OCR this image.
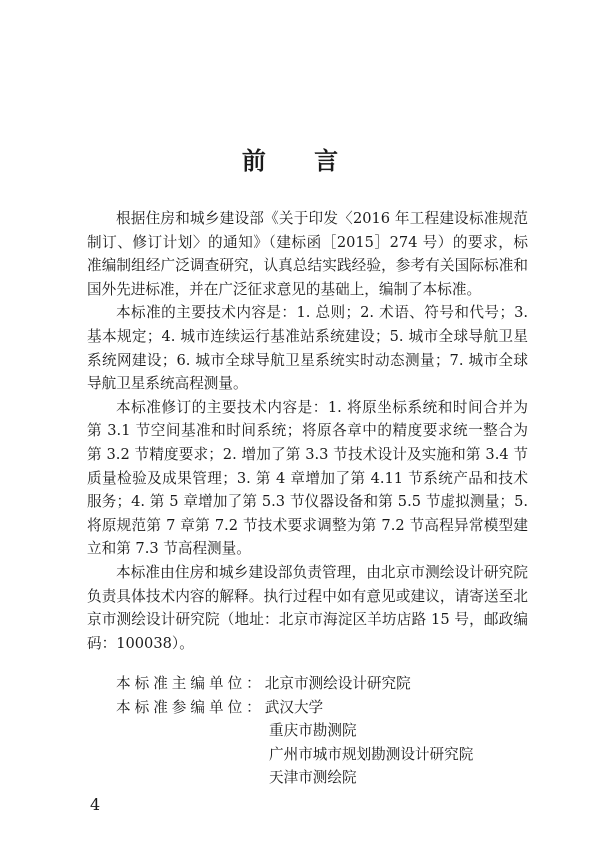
前 言

根据住房和城乡建设部《关于印发〈2016 年工程建设标准规范制订、修订计划〉的通知》（建标函［2015］274 号）的要求，标准编制组经广泛调查研究，认真总结实践经验，参考有关国际标准和国外先进标准，并在广泛征求意见的基础上，编制了本标准。

本标准的主要技术内容是：1. 总则；2. 术语、符号和代号；3. 基本规定；4. 城市连续运行基准站系统建设；5. 城市全球导航卫星系统网建设；6. 城市全球导航卫星系统实时动态测量；7. 城市全球导航卫星系统高程测量。

本标准修订的主要技术内容是：1. 将原坐标系统和时间合并为第 3.1 节空间基准和时间系统；将原各章中的精度要求统一整合为第 3.2 节精度要求；2. 增加了第 3.3 节技术设计及实施和第 3.4 节质量检验及成果管理；3. 第 4 章增加了第 4.11 节系统产品和技术服务；4. 第 5 章增加了第 5.3 节仪器设备和第 5.5 节虚拟测量；5. 将原规范第 7 章第 7.2 节技术要求调整为第 7.2 节高程异常模型建立和第 7.3 节高程测量。

本标准由住房和城乡建设部负责管理，由北京市测绘设计研究院负责具体技术内容的解释。执行过程中如有意见或建议，请寄送至北京市测绘设计研究院（地址：北京市海淀区羊坊店路 15 号，邮政编码：100038）。

本标准主编单位：北京市测绘设计研究院
本标准参编单位：武汉大学
重庆市勘测院
广州市城市规划勘测设计研究院
天津市测绘院
4
